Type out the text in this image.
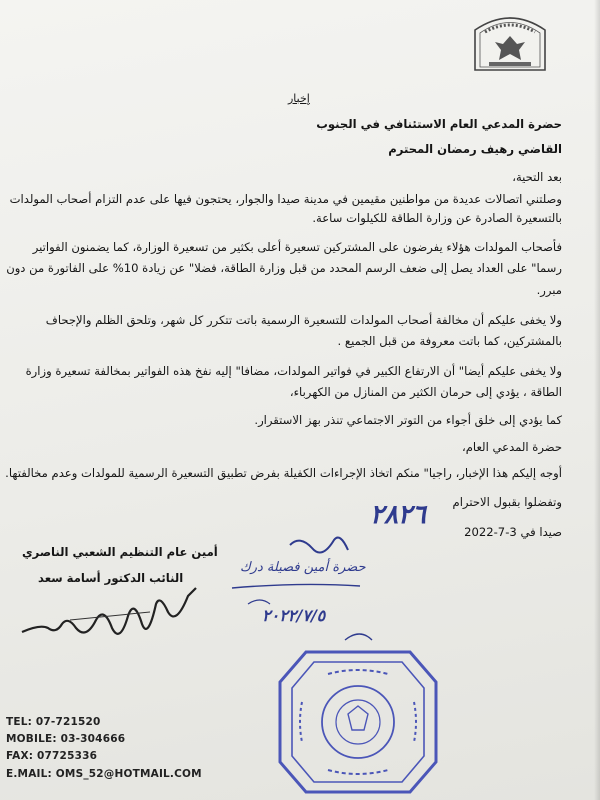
إخبار
حضرة المدعي العام الاستئنافي في الجنوب
القاضي رهيف رمضان المحترم
بعد التحية،
وصلتني اتصالات عديدة من مواطنين مقيمين في مدينة صيدا والجوار، يحتجون فيها على عدم التزام أصحاب المولدات
بالتسعيرة الصادرة عن وزارة الطاقة للكيلوات ساعة.
فأصحاب المولدات هؤلاء يفرضون على المشتركين تسعيرة أعلى بكثير من تسعيرة الوزارة، كما يضمنون الفواتير
رسما" على العداد يصل إلى ضعف الرسم المحدد من قبل وزارة الطاقة، فضلا" عن زيادة 10% على الفاتورة من دون
مبرر.
ولا يخفى عليكم أن مخالفة أصحاب المولدات للتسعيرة الرسمية باتت تتكرر كل شهر، وتلحق الظلم والإجحاف
بالمشتركين، كما باتت معروفة من قبل الجميع .
ولا يخفى عليكم أيضا" أن الارتفاع الكبير في فواتير المولدات، مضافا" إليه نفخ هذه الفواتير بمخالفة تسعيرة وزارة
الطاقة ، يؤدي إلى حرمان الكثير من المنازل من الكهرباء،
كما يؤدي إلى خلق أجواء من التوتر الاجتماعي تنذر بهز الاستقرار.
حضرة المدعي العام،
أوجه إليكم هذا الإخبار، راجيا" منكم اتخاذ الإجراءات الكفيلة بفرض تطبيق التسعيرة الرسمية للمولدات وعدم مخالفتها.
وتفضلوا بقبول الاحترام
صيدا في 3-7-2022
أمين عام التنظيم الشعبي الناصري
النائب الدكتور أسامة سعد
٢٨٢٦
حضرة أمين فصيلة درك
٢٠٢٢/٧/٥
TEL: 07-721520
MOBILE: 03-304666
FAX: 07725336
E.MAIL: OMS_52@HOTMAIL.COM
